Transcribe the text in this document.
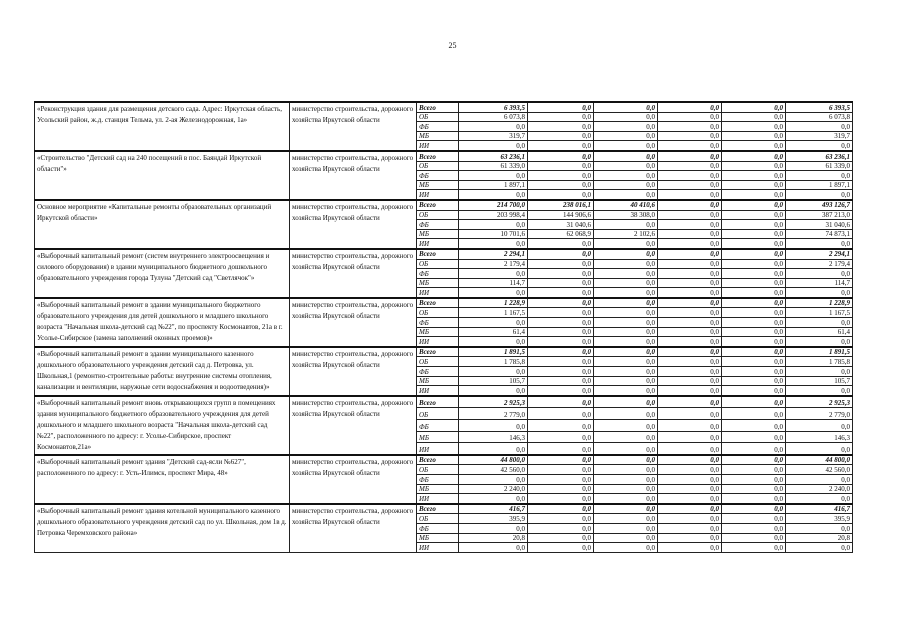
25
«Реконструкция здания для размещения детского сада. Адрес: Иркутская область, Усольский район, ж.д. станция Тельма, ул. 2-ая Железнодорожная, 1а»	министерство строительства, дорожного хозяйства Иркутской области	Всего	6 393,5	0,0	0,0	0,0	0,0	6 393,5
		ОБ	6 073,8	0,0	0,0	0,0	0,0	6 073,8
		ФБ	0,0	0,0	0,0	0,0	0,0	0,0
		МБ	319,7	0,0	0,0	0,0	0,0	319,7
		ИИ	0,0	0,0	0,0	0,0	0,0	0,0
«Строительство "Детский сад на 240 посещений в пос. Баяндай Иркутской области"»	министерство строительства, дорожного хозяйства Иркутской области	Всего	63 236,1	0,0	0,0	0,0	0,0	63 236,1
		ОБ	61 339,0	0,0	0,0	0,0	0,0	61 339,0
		ФБ	0,0	0,0	0,0	0,0	0,0	0,0
		МБ	1 897,1	0,0	0,0	0,0	0,0	1 897,1
		ИИ	0,0	0,0	0,0	0,0	0,0	0,0
Основное мероприятие «Капитальные ремонты образовательных организаций Иркутской области»	министерство строительства, дорожного хозяйства Иркутской области	Всего	214 700,0	238 016,1	40 410,6	0,0	0,0	493 126,7
		ОБ	203 998,4	144 906,6	38 308,0	0,0	0,0	387 213,0
		ФБ	0,0	31 040,6	0,0	0,0	0,0	31 040,6
		МБ	10 701,6	62 068,9	2 102,6	0,0	0,0	74 873,1
		ИИ	0,0	0,0	0,0	0,0	0,0	0,0
«Выборочный капитальный ремонт (систем внутреннего электроосвещения и силового оборудования) в здании муниципального бюджетного дошкольного образовательного учреждения города Тулуна "Детский сад "Светлячок"»	министерство строительства, дорожного хозяйства Иркутской области	Всего	2 294,1	0,0	0,0	0,0	0,0	2 294,1
		ОБ	2 179,4	0,0	0,0	0,0	0,0	2 179,4
		ФБ	0,0	0,0	0,0	0,0	0,0	0,0
		МБ	114,7	0,0	0,0	0,0	0,0	114,7
		ИИ	0,0	0,0	0,0	0,0	0,0	0,0
«Выборочный капитальный ремонт в здании муниципального бюджетного образовательного учреждения для детей дошкольного и младшего школьного возраста "Начальная школа-детский сад №22", по проспекту Космонавтов, 21а в г. Усолье-Сибирское (замена заполнений оконных проемов)»	министерство строительства, дорожного хозяйства Иркутской области	Всего	1 228,9	0,0	0,0	0,0	0,0	1 228,9
		ОБ	1 167,5	0,0	0,0	0,0	0,0	1 167,5
		ФБ	0,0	0,0	0,0	0,0	0,0	0,0
		МБ	61,4	0,0	0,0	0,0	0,0	61,4
		ИИ	0,0	0,0	0,0	0,0	0,0	0,0
«Выборочный капитальный ремонт в здании муниципального казенного дошкольного образовательного учреждения детский сад д. Петровка, ул. Школьная,1 (ремонтно-строительные работы: внутренние системы отопления, канализации и вентиляции, наружные сети водоснабжения и водоотведения)»	министерство строительства, дорожного хозяйства Иркутской области	Всего	1 891,5	0,0	0,0	0,0	0,0	1 891,5
		ОБ	1 785,8	0,0	0,0	0,0	0,0	1 785,8
		ФБ	0,0	0,0	0,0	0,0	0,0	0,0
		МБ	105,7	0,0	0,0	0,0	0,0	105,7
		ИИ	0,0	0,0	0,0	0,0	0,0	0,0
«Выборочный капитальный ремонт вновь открывающихся групп в помещениях здания муниципального бюджетного образовательного учреждения для детей дошкольного и младшего школьного возраста "Начальная школа-детский сад №22", расположенного по адресу: г. Усолье-Сибирское, проспект Космонавтов,21а»	министерство строительства, дорожного хозяйства Иркутской области	Всего	2 925,3	0,0	0,0	0,0	0,0	2 925,3
		ОБ	2 779,0	0,0	0,0	0,0	0,0	2 779,0
		ФБ	0,0	0,0	0,0	0,0	0,0	0,0
		МБ	146,3	0,0	0,0	0,0	0,0	146,3
		ИИ	0,0	0,0	0,0	0,0	0,0	0,0
«Выборочный капитальный ремонт здания "Детский сад-ясли №627", расположенного по адресу: г. Усть-Илимск, проспект Мира, 48»	министерство строительства, дорожного хозяйства Иркутской области	Всего	44 800,0	0,0	0,0	0,0	0,0	44 800,0
		ОБ	42 560,0	0,0	0,0	0,0	0,0	42 560,0
		ФБ	0,0	0,0	0,0	0,0	0,0	0,0
		МБ	2 240,0	0,0	0,0	0,0	0,0	2 240,0
		ИИ	0,0	0,0	0,0	0,0	0,0	0,0
«Выборочный капитальный ремонт здания котельной муниципального казенного дошкольного образовательного учреждения детский сад по ул. Школьная, дом 1в д. Петровка Черемховского района»	министерство строительства, дорожного хозяйства Иркутской области	Всего	416,7	0,0	0,0	0,0	0,0	416,7
		ОБ	395,9	0,0	0,0	0,0	0,0	395,9
		ФБ	0,0	0,0	0,0	0,0	0,0	0,0
		МБ	20,8	0,0	0,0	0,0	0,0	20,8
		ИИ	0,0	0,0	0,0	0,0	0,0	0,0
